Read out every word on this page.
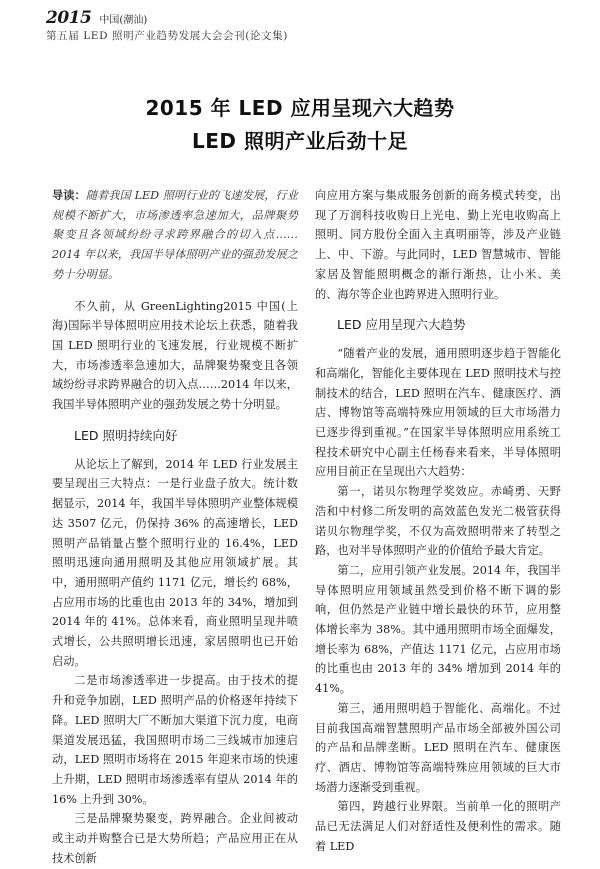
2015 中国(潮汕)
第五届 LED 照明产业趋势发展大会会刊(论文集)
2015 年 LED 应用呈现六大趋势
LED 照明产业后劲十足

导读：随着我国 LED 照明行业的飞速发展，行业规模不断扩大，市场渗透率急速加大，品牌聚势聚变且各领域纷纷寻求跨界融合的切入点……2014 年以来，我国半导体照明产业的强劲发展之势十分明显。

不久前，从 GreenLighting2015 中国(上海)国际半导体照明应用技术论坛上获悉，随着我国 LED 照明行业的飞速发展，行业规模不断扩大，市场渗透率急速加大，品牌聚势聚变且各领域纷纷寻求跨界融合的切入点……2014 年以来，我国半导体照明产业的强劲发展之势十分明显。

LED 照明持续向好

从论坛上了解到，2014 年 LED 行业发展主要呈现出三大特点：一是行业盘子放大。统计数据显示，2014 年，我国半导体照明产业整体规模达 3507 亿元，仍保持 36% 的高速增长，LED 照明产品销量占整个照明行业的 16.4%，LED 照明迅速向通用照明及其他应用领域扩展。其中，通用照明产值约 1171 亿元，增长约 68%，占应用市场的比重也由 2013 年的 34%，增加到 2014 年的 41%。总体来看，商业照明呈现井喷式增长，公共照明增长迅速，家居照明也已开始启动。

二是市场渗透率进一步提高。由于技术的提升和竞争加剧，LED 照明产品的价格逐年持续下降。LED 照明大厂不断加大渠道下沉力度，电商渠道发展迅猛，我国照明市场二三线城市加速启动，LED 照明市场将在 2015 年迎来市场的快速上升期，LED 照明市场渗透率有望从 2014 年的 16% 上升到 30%。

三是品牌聚势聚变，跨界融合。企业间被动或主动并购整合已是大势所趋；产品应用正在从技术创新

向应用方案与集成服务创新的商务模式转变，出现了万润科技收购日上光电、勤上光电收购高上照明、同方股份全面入主真明丽等，涉及产业链上、中、下游。与此同时，LED 智慧城市、智能家居及智能照明概念的渐行渐热，让小米、美的、海尔等企业也跨界进入照明行业。

LED 应用呈现六大趋势

“随着产业的发展，通用照明逐步趋于智能化和高端化，智能化主要体现在 LED 照明技术与控制技术的结合，LED 照明在汽车、健康医疗、酒店、博物馆等高端特殊应用领域的巨大市场潜力已逐步得到重视。”在国家半导体照明应用系统工程技术研究中心副主任杨春来看来，半导体照明应用目前正在呈现出六大趋势：

第一，诺贝尔物理学奖效应。赤崎勇、天野浩和中村修二所发明的高效蓝色发光二极管获得诺贝尔物理学奖，不仅为高效照明带来了转型之路，也对半导体照明产业的价值给予最大肯定。

第二，应用引领产业发展。2014 年，我国半导体照明应用领域虽然受到价格不断下调的影响，但仍然是产业链中增长最快的环节，应用整体增长率为 38%。其中通用照明市场全面爆发，增长率为 68%，产值达 1171 亿元，占应用市场的比重也由 2013 年的 34% 增加到 2014 年的 41%。

第三，通用照明趋于智能化、高端化。不过目前我国高端智慧照明产品市场全部被外国公司的产品和品牌垄断。LED 照明在汽车、健康医疗、酒店、博物馆等高端特殊应用领域的巨大市场潜力逐渐受到重视。

第四，跨越行业界限。当前单一化的照明产品已无法满足人们对舒适性及便利性的需求。随着 LED
